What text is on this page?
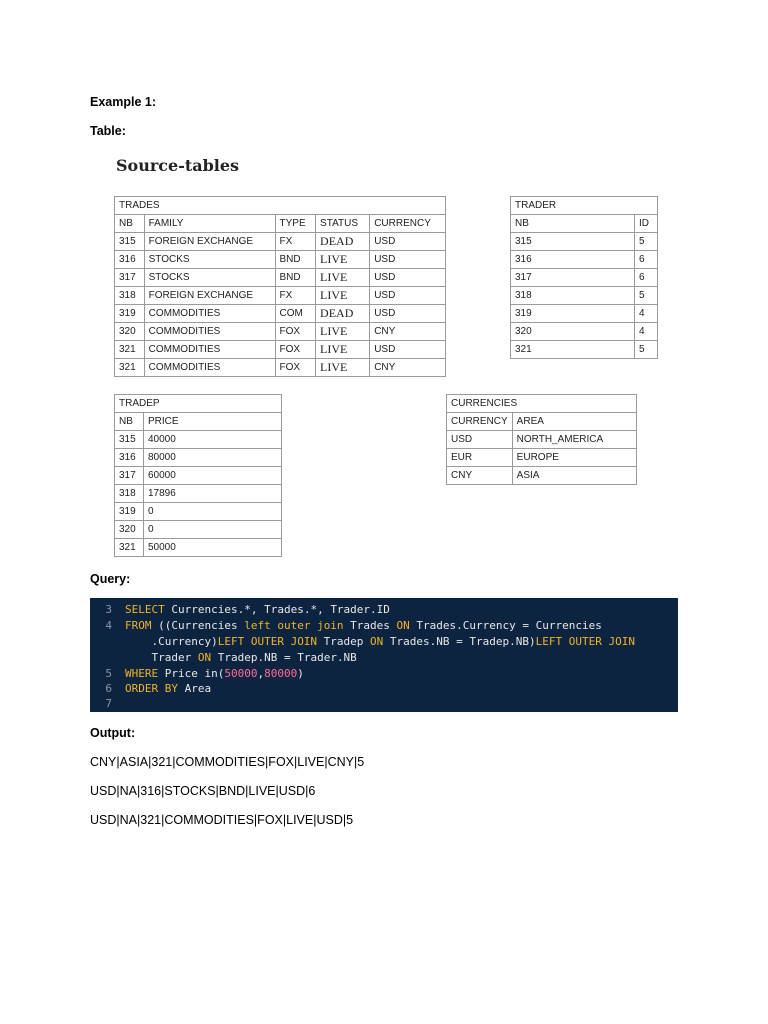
Example 1:
Table:
Source-tables
TRADES				
NB	FAMILY	TYPE	STATUS	CURRENCY
315	FOREIGN EXCHANGE	FX	DEAD	USD
316	STOCKS	BND	LIVE	USD
317	STOCKS	BND	LIVE	USD
318	FOREIGN EXCHANGE	FX	LIVE	USD
319	COMMODITIES	COM	DEAD	USD
320	COMMODITIES	FOX	LIVE	CNY
321	COMMODITIES	FOX	LIVE	USD
321	COMMODITIES	FOX	LIVE	CNY
TRADER	
NB	ID
315	5
316	6
317	6
318	5
319	4
320	4
321	5
TRADEP	
NB	PRICE
315	40000
316	80000
317	60000
318	17896
319	0
320	0
321	50000
CURRENCIES	
CURRENCY	AREA
USD	NORTH_AMERICA
EUR	EUROPE
CNY	ASIA
Query:
3 SELECT Currencies.*, Trades.*, Trader.ID
4 FROM ((Currencies left outer join Trades ON Trades.Currency = Currencies
.Currency)LEFT OUTER JOIN Tradep ON Trades.NB = Tradep.NB)LEFT OUTER JOIN
Trader ON Tradep.NB = Trader.NB
5 WHERE Price in(50000,80000)
6 ORDER BY Area
7
Output:
CNY|ASIA|321|COMMODITIES|FOX|LIVE|CNY|5
USD|NA|316|STOCKS|BND|LIVE|USD|6
USD|NA|321|COMMODITIES|FOX|LIVE|USD|5
